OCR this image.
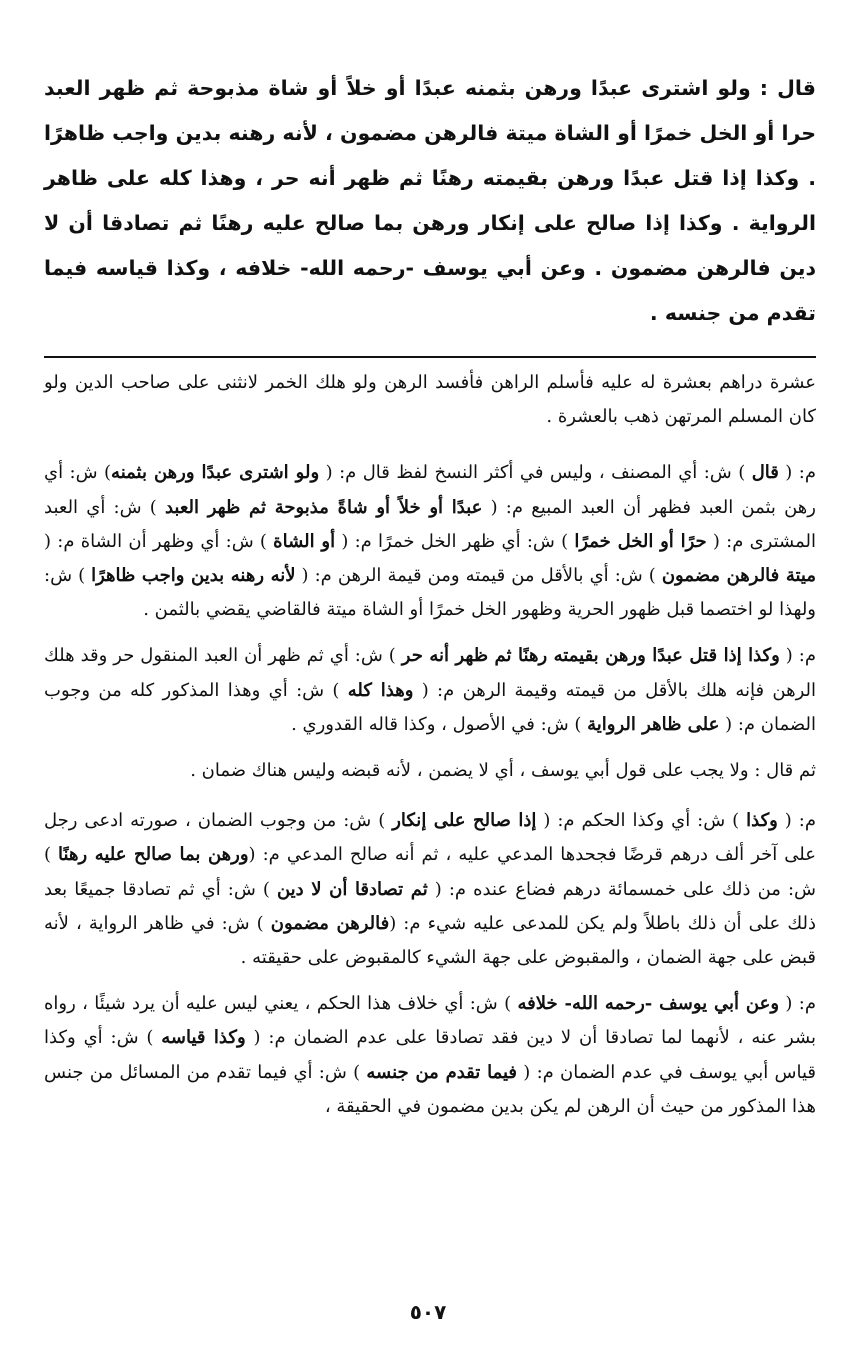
قال : ولو اشترى عبدًا ورهن بثمنه عبدًا أو خلاً أو شاة مذبوحة ثم ظهر العبد حرا أو الخل خمرًا أو الشاة ميتة فالرهن مضمون ، لأنه رهنه بدين واجب ظاهرًا . وكذا إذا قتل عبدًا ورهن بقيمته رهنًا ثم ظهر أنه حر ، وهذا كله على ظاهر الرواية . وكذا إذا صالح على إنكار ورهن بما صالح عليه رهنًا ثم تصادقا أن لا دين فالرهن مضمون . وعن أبي يوسف -رحمه الله- خلافه ، وكذا قياسه فيما تقدم من جنسه .

عشرة دراهم بعشرة له عليه فأسلم الراهن فأفسد الرهن ولو هلك الخمر لانثنى على صاحب الدين ولو كان المسلم المرتهن ذهب بالعشرة .

م: ( قال ) ش: أي المصنف ، وليس في أكثر النسخ لفظ قال م: ( ولو اشترى عبدًا ورهن بثمنه) ش: أي رهن بثمن العبد فظهر أن العبد المبيع م: ( عبدًا أو خلاً أو شاةً مذبوحة ثم ظهر العبد ) ش: أي العبد المشترى م: ( حرًا أو الخل خمرًا ) ش: أي ظهر الخل خمرًا م: ( أو الشاة ) ش: أي وظهر أن الشاة م: ( ميتة فالرهن مضمون ) ش: أي بالأقل من قيمته ومن قيمة الرهن م: ( لأنه رهنه بدين واجب ظاهرًا ) ش: ولهذا لو اختصما قبل ظهور الحرية وظهور الخل خمرًا أو الشاة ميتة فالقاضي يقضي بالثمن .

م: ( وكذا إذا قتل عبدًا ورهن بقيمته رهنًا ثم ظهر أنه حر ) ش: أي ثم ظهر أن العبد المنقول حر وقد هلك الرهن فإنه هلك بالأقل من قيمته وقيمة الرهن م: ( وهذا كله ) ش: أي وهذا المذكور كله من وجوب الضمان م: ( على ظاهر الرواية ) ش: في الأصول ، وكذا قاله القدوري .

ثم قال : ولا يجب على قول أبي يوسف ، أي لا يضمن ، لأنه قبضه وليس هناك ضمان .

م: ( وكذا ) ش: أي وكذا الحكم م: ( إذا صالح على إنكار ) ش: من وجوب الضمان ، صورته ادعى رجل على آخر ألف درهم قرضًا فجحدها المدعي عليه ، ثم أنه صالح المدعي م: (ورهن بما صالح عليه رهنًا ) ش: من ذلك على خمسمائة درهم فضاع عنده م: ( ثم تصادقا أن لا دين ) ش: أي ثم تصادقا جميعًا بعد ذلك على أن ذلك باطلاً ولم يكن للمدعى عليه شيء م: (فالرهن مضمون ) ش: في ظاهر الرواية ، لأنه قبض على جهة الضمان ، والمقبوض على جهة الشيء كالمقبوض على حقيقته .

م: ( وعن أبي يوسف -رحمه الله- خلافه ) ش: أي خلاف هذا الحكم ، يعني ليس عليه أن يرد شيئًا ، رواه بشر عنه ، لأنهما لما تصادقا أن لا دين فقد تصادقا على عدم الضمان م: ( وكذا قياسه ) ش: أي وكذا قياس أبي يوسف في عدم الضمان م: ( فيما تقدم من جنسه ) ش: أي فيما تقدم من المسائل من جنس هذا المذكور من حيث أن الرهن لم يكن بدين مضمون في الحقيقة ،

٥٠٧
